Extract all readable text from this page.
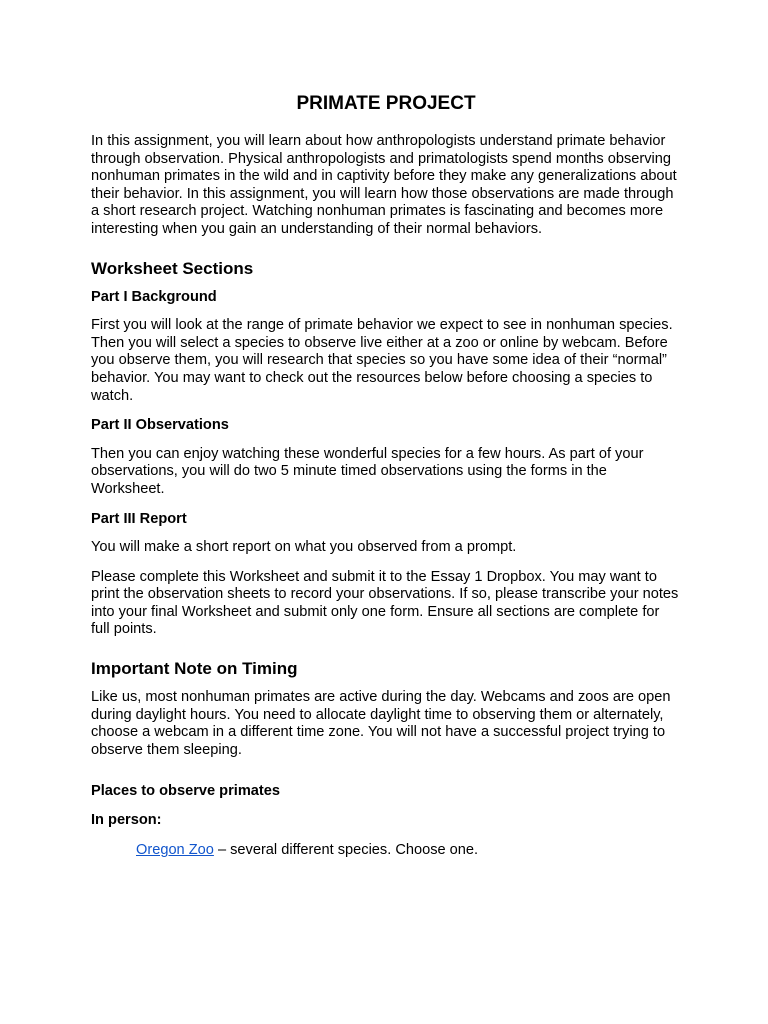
PRIMATE PROJECT

In this assignment, you will learn about how anthropologists understand primate behavior through observation. Physical anthropologists and primatologists spend months observing nonhuman primates in the wild and in captivity before they make any generalizations about their behavior. In this assignment, you will learn how those observations are made through a short research project. Watching nonhuman primates is fascinating and becomes more interesting when you gain an understanding of their normal behaviors.

Worksheet Sections
Part I Background

First you will look at the range of primate behavior we expect to see in nonhuman species. Then you will select a species to observe live either at a zoo or online by webcam. Before you observe them, you will research that species so you have some idea of their “normal” behavior. You may want to check out the resources below before choosing a species to watch.

Part II Observations

Then you can enjoy watching these wonderful species for a few hours. As part of your observations, you will do two 5 minute timed observations using the forms in the Worksheet.

Part III Report

You will make a short report on what you observed from a prompt.

Please complete this Worksheet and submit it to the Essay 1 Dropbox. You may want to print the observation sheets to record your observations. If so, please transcribe your notes into your final Worksheet and submit only one form. Ensure all sections are complete for full points.

Important Note on Timing

Like us, most nonhuman primates are active during the day. Webcams and zoos are open during daylight hours. You need to allocate daylight time to observing them or alternately, choose a webcam in a different time zone. You will not have a successful project trying to observe them sleeping.

Places to observe primates
In person:

Oregon Zoo – several different species. Choose one.
